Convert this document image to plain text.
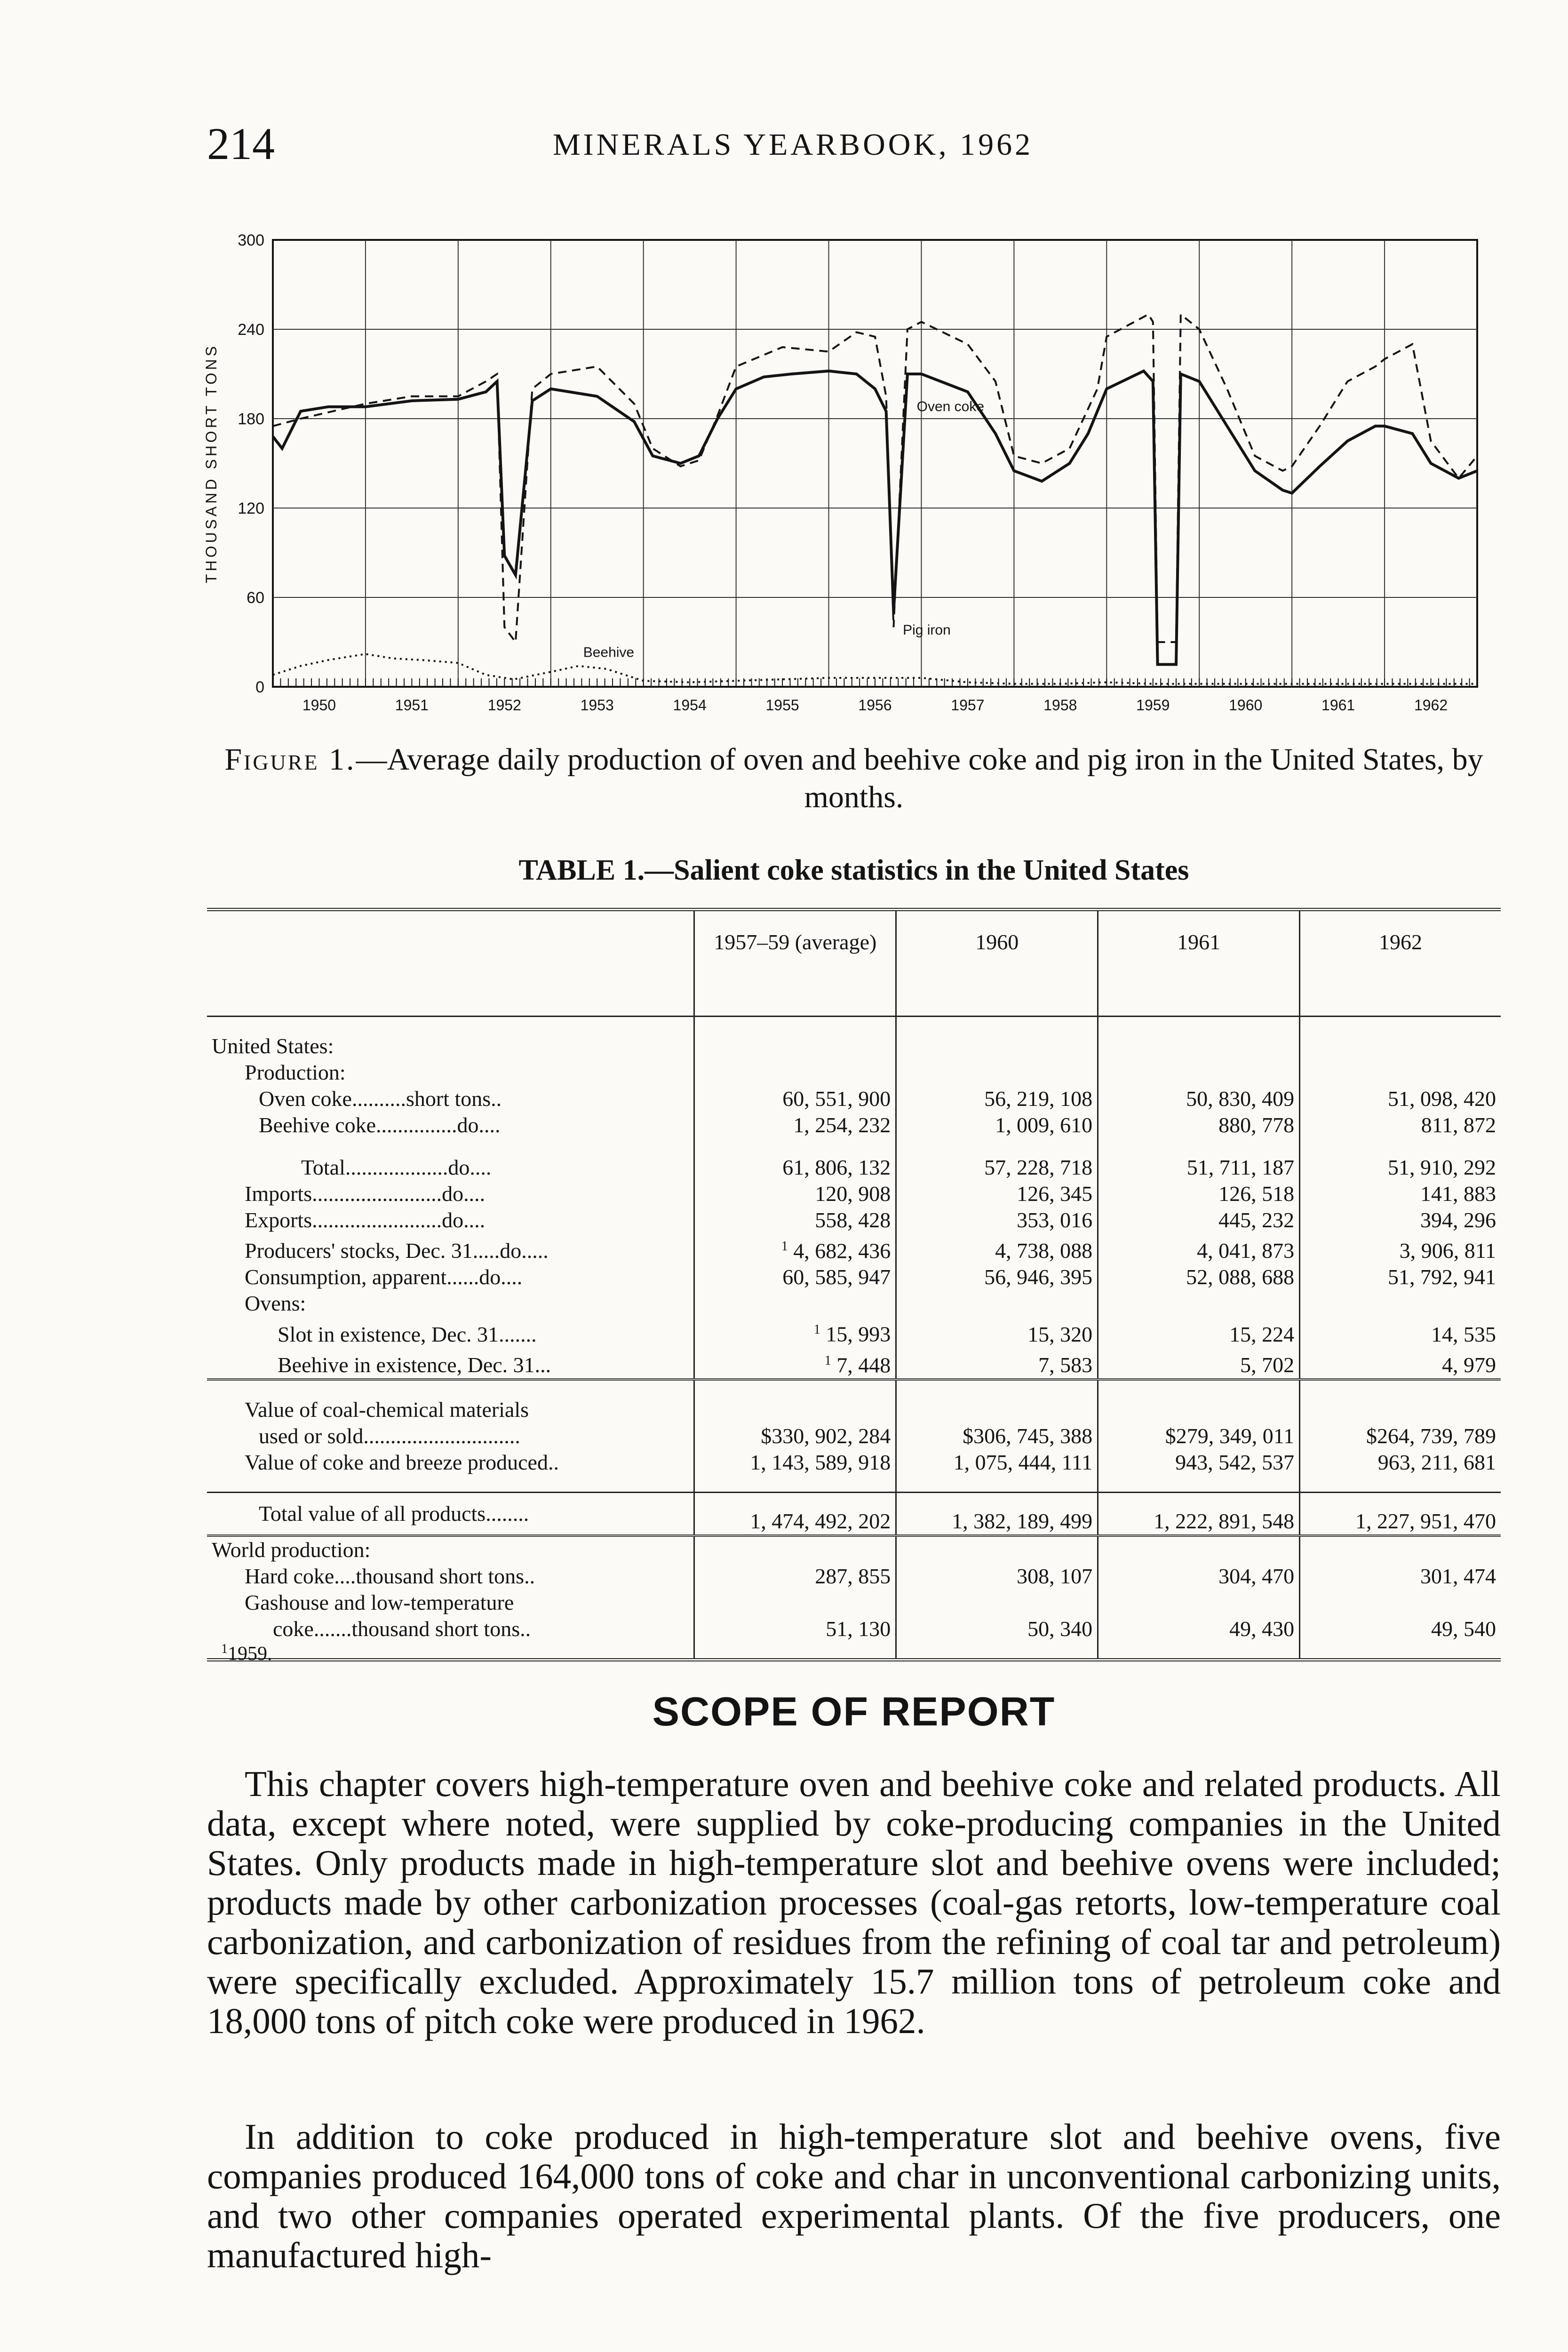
214	MINERALS YEARBOOK, 1962
0
60
120
180
240
300
1950	1951	1952	1953	1954	1955	1956	1957	1958	1959	1960	1961	1962
THOUSAND SHORT TONS	Oven coke
Pig iron
Beehive
Figure 1.—Average daily production of oven and beehive coke and pig iron in the United States, by months.
TABLE 1.—Salient coke statistics in the United States
	1957–59 (average)	1960	1961	1962

United States:				
Production:				
Oven coke..........short tons..	60, 551, 900	56, 219, 108	50, 830, 409	51, 098, 420
Beehive coke...............do....	1, 254, 232	1, 009, 610	880, 778	811, 872

Total...................do....	61, 806, 132	57, 228, 718	51, 711, 187	51, 910, 292
Imports........................do....	120, 908	126, 345	126, 518	141, 883
Exports........................do....	558, 428	353, 016	445, 232	394, 296
Producers' stocks, Dec. 31.....do.....	$^1$ 4, 682, 436	4, 738, 088	4, 041, 873	3, 906, 811
Consumption, apparent......do....	60, 585, 947	56, 946, 395	52, 088, 688	51, 792, 941
Ovens:				
Slot in existence, Dec. 31.......	$^1$ 15, 993	15, 320	15, 224	14, 535
Beehive in existence, Dec. 31...	$^1$ 7, 448	7, 583	5, 702	4, 979

Value of coal-chemical materials				
used or sold.............................	$330, 902, 284	$306, 745, 388	$279, 349, 011	$264, 739, 789
Value of coke and breeze produced..	1, 143, 589, 918	1, 075, 444, 111	943, 542, 537	963, 211, 681

Total value of all products........	1, 474, 492, 202	1, 382, 189, 499	1, 222, 891, 548	1, 227, 951, 470
World production:				
Hard coke....thousand short tons..	287, 855	308, 107	304, 470	301, 474
Gashouse and low-temperature				
coke.......thousand short tons..	51, 130	50, 340	49, 430	49, 540

$^1$1959.
SCOPE OF REPORT

This chapter covers high-temperature oven and beehive coke and related products. All data, except where noted, were supplied by coke-producing companies in the United States. Only products made in high-temperature slot and beehive ovens were included; products made by other carbonization processes (coal-gas retorts, low-temperature coal carbonization, and carbonization of residues from the refining of coal tar and petroleum) were specifically excluded. Approximately 15.7 million tons of petroleum coke and 18,000 tons of pitch coke were produced in 1962.

In addition to coke produced in high-temperature slot and beehive ovens, five companies produced 164,000 tons of coke and char in unconventional carbonizing units, and two other companies operated experimental plants. Of the five producers, one manufactured high-
